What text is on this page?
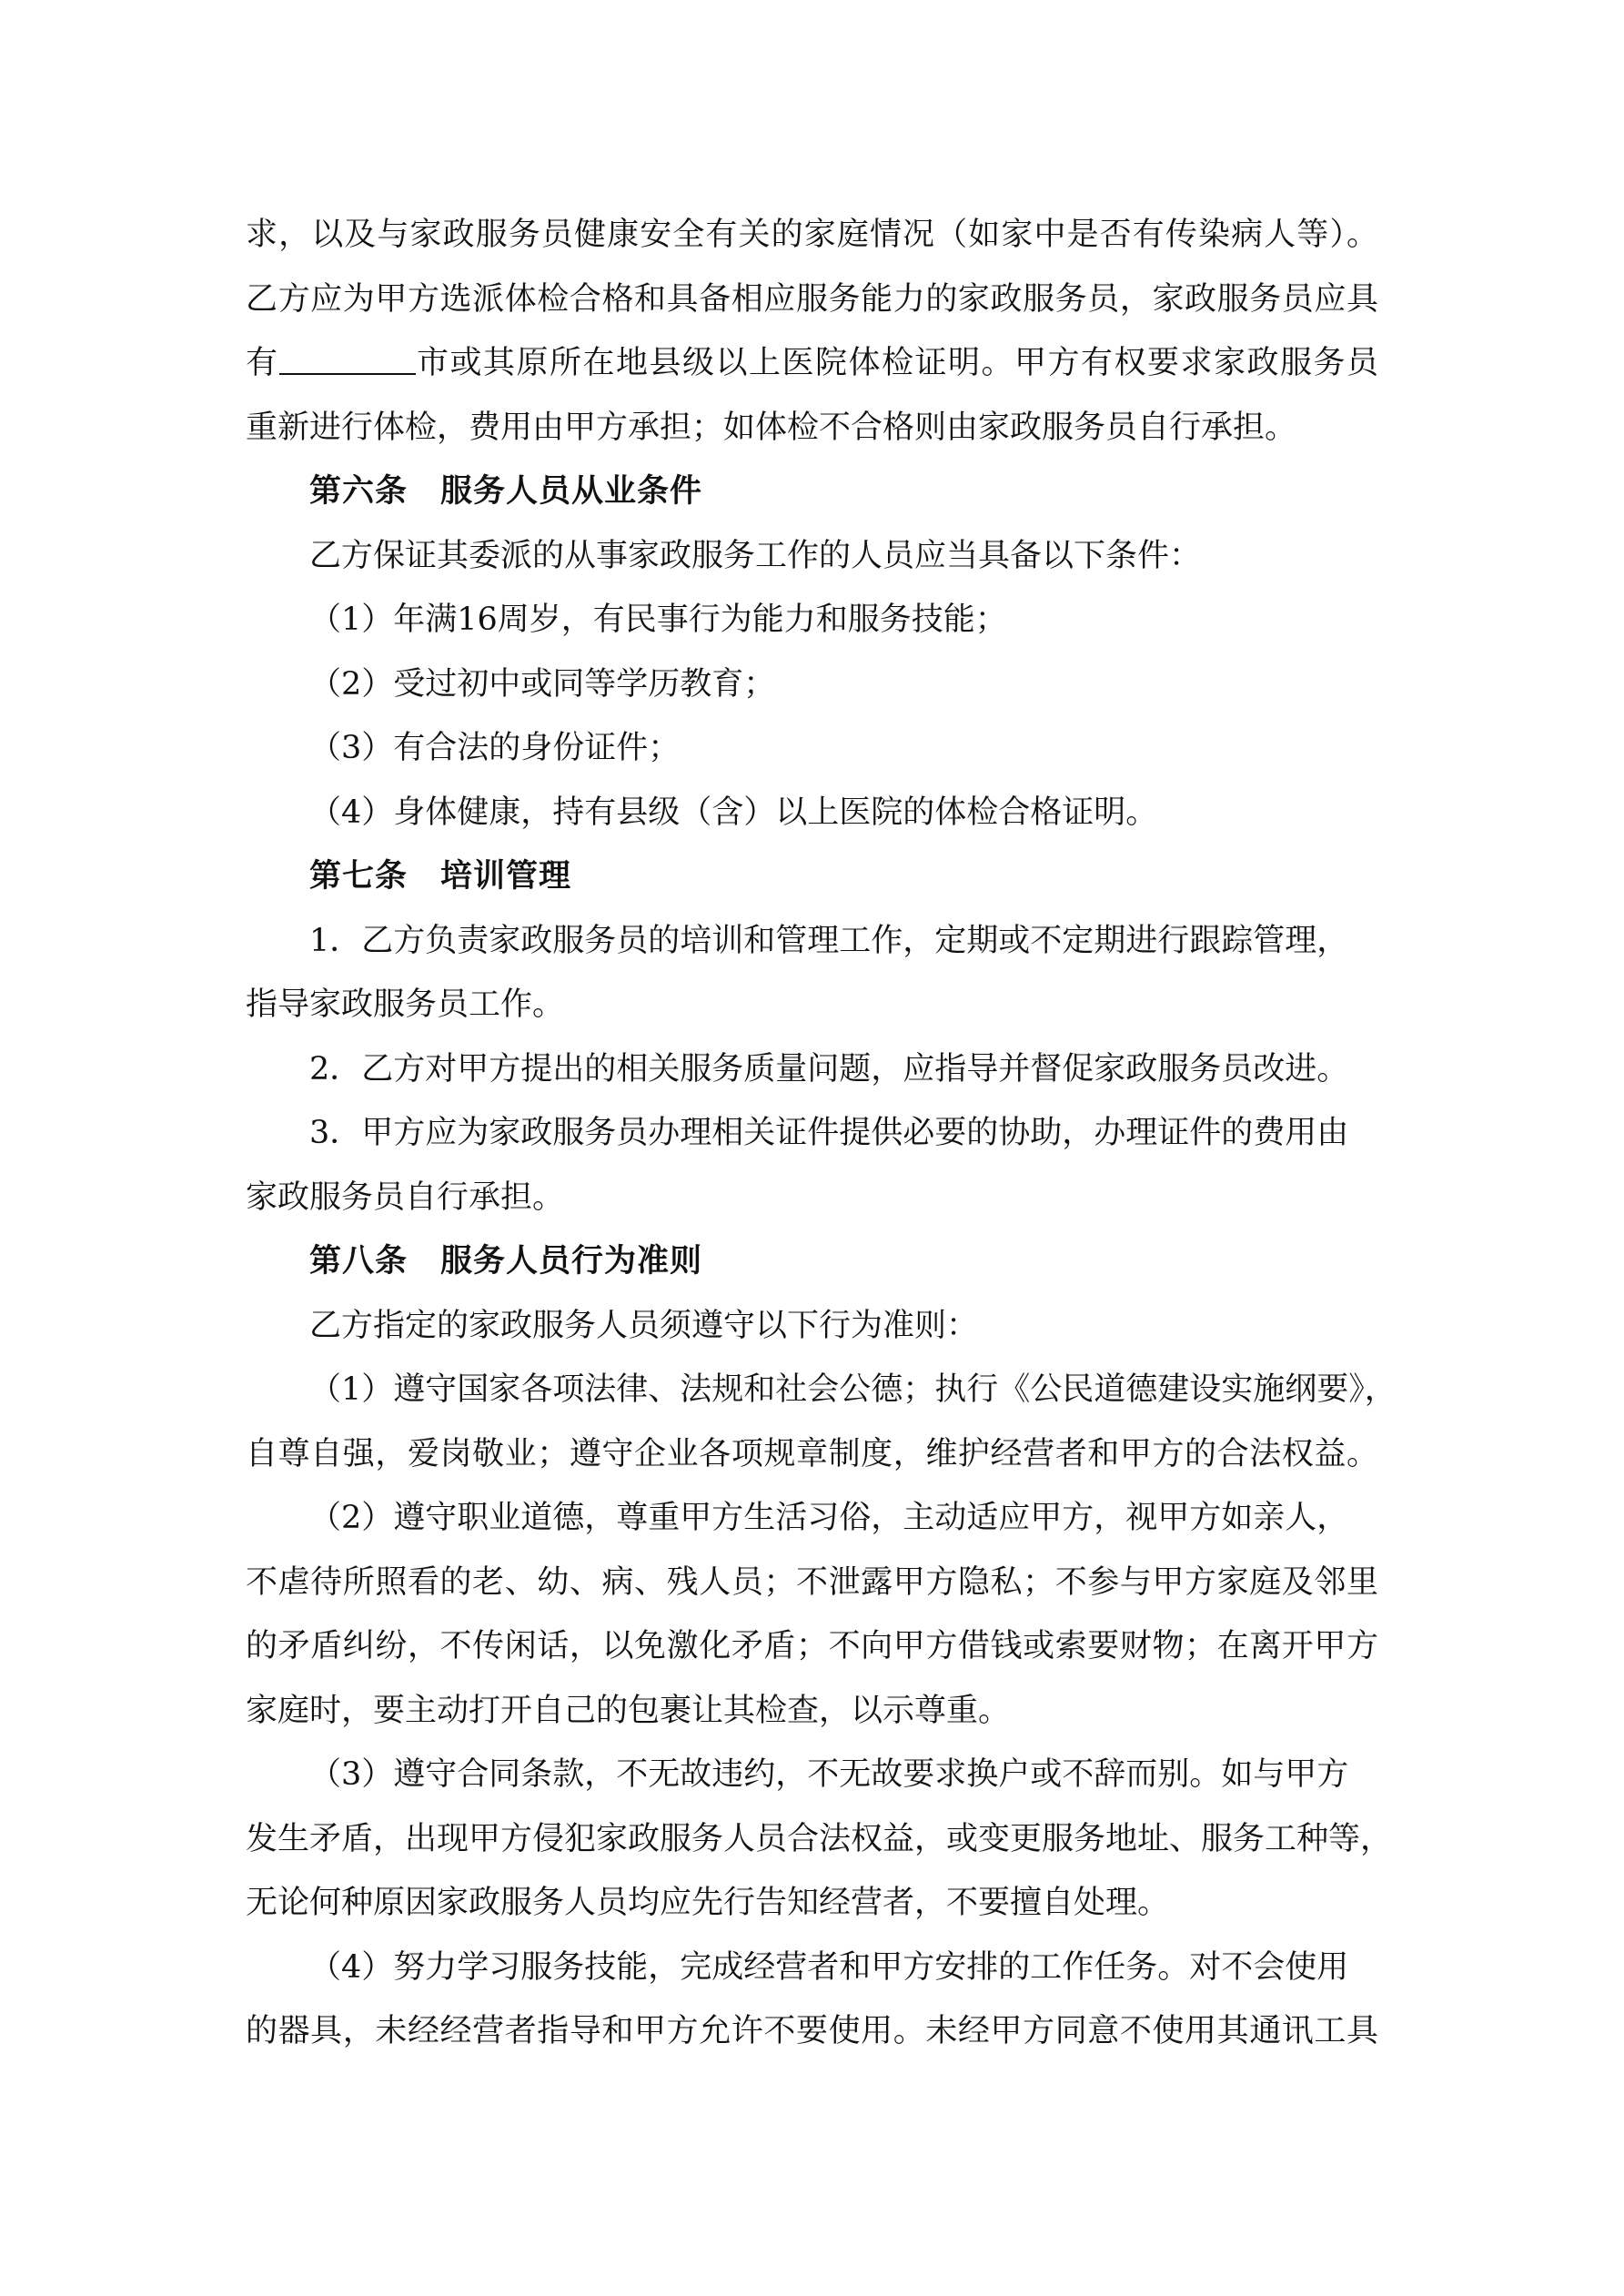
求，以及与家政服务员健康安全有关的家庭情况（如家中是否有传染病人等）。
乙方应为甲方选派体检合格和具备相应服务能力的家政服务员，家政服务员应具
有	市或其原所在地县级以上医院体检证明。甲方有权要求家政服务员
重新进行体检，费用由甲方承担；如体检不合格则由家政服务员自行承担。
第六条　服务人员从业条件
乙方保证其委派的从事家政服务工作的人员应当具备以下条件：
（1）年满16周岁，有民事行为能力和服务技能；
（2）受过初中或同等学历教育；
（3）有合法的身份证件；
（4）身体健康，持有县级（含）以上医院的体检合格证明。
第七条　培训管理
1．乙方负责家政服务员的培训和管理工作，定期或不定期进行跟踪管理，
指导家政服务员工作。
2．乙方对甲方提出的相关服务质量问题，应指导并督促家政服务员改进。
3．甲方应为家政服务员办理相关证件提供必要的协助，办理证件的费用由
家政服务员自行承担。
第八条　服务人员行为准则
乙方指定的家政服务人员须遵守以下行为准则：
（1）遵守国家各项法律、法规和社会公德；执行《公民道德建设实施纲要》，
自尊自强，爱岗敬业；遵守企业各项规章制度，维护经营者和甲方的合法权益。
（2）遵守职业道德，尊重甲方生活习俗，主动适应甲方，视甲方如亲人，
不虐待所照看的老、幼、病、残人员；不泄露甲方隐私；不参与甲方家庭及邻里
的矛盾纠纷，不传闲话，以免激化矛盾；不向甲方借钱或索要财物；在离开甲方
家庭时，要主动打开自己的包裹让其检查，以示尊重。
（3）遵守合同条款，不无故违约，不无故要求换户或不辞而别。如与甲方
发生矛盾，出现甲方侵犯家政服务人员合法权益，或变更服务地址、服务工种等，
无论何种原因家政服务人员均应先行告知经营者，不要擅自处理。
（4）努力学习服务技能，完成经营者和甲方安排的工作任务。对不会使用
的器具，未经经营者指导和甲方允许不要使用。未经甲方同意不使用其通讯工具
